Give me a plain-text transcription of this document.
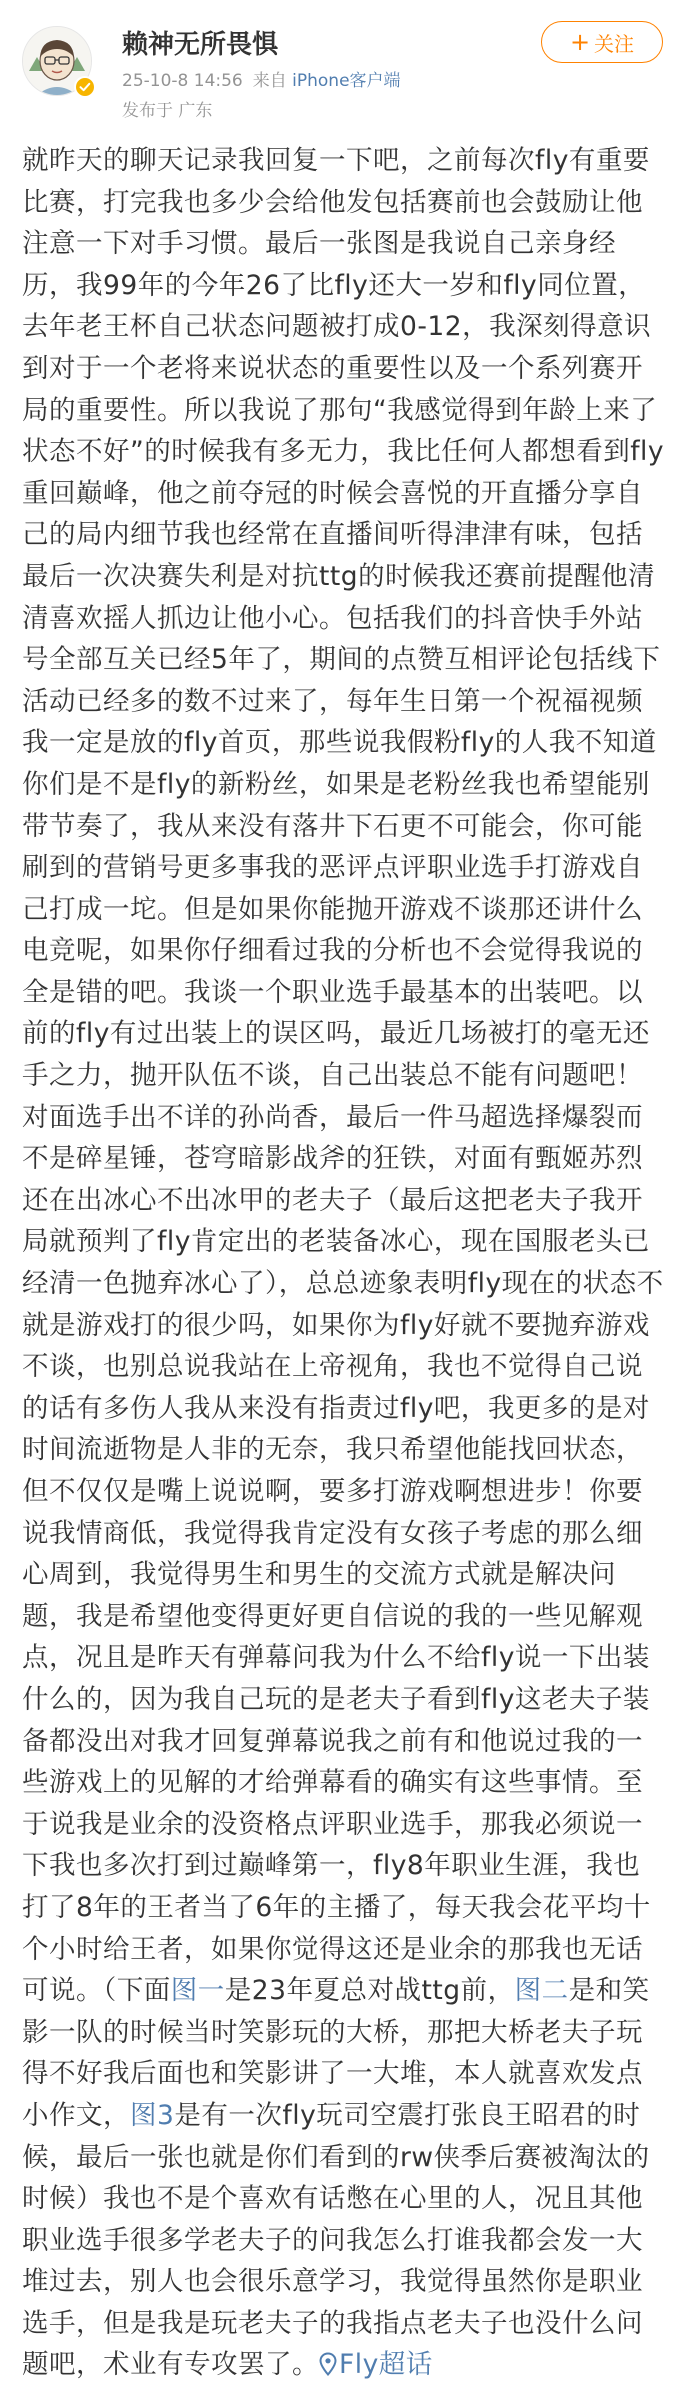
赖神无所畏惧
25-10-8 14:56 来自 iPhone客户端
发布于 广东
+ 关注
就昨天的聊天记录我回复一下吧，之前每次fly有重要比赛，打完我也多少会给他发包括赛前也会鼓励让他注意一下对手习惯。最后一张图是我说自己亲身经历，我99年的今年26了比fly还大一岁和fly同位置，去年老王杯自己状态问题被打成0-12，我深刻得意识到对于一个老将来说状态的重要性以及一个系列赛开局的重要性。所以我说了那句“我感觉得到年龄上来了状态不好”的时候我有多无力，我比任何人都想看到fly重回巅峰，他之前夺冠的时候会喜悦的开直播分享自己的局内细节我也经常在直播间听得津津有味，包括最后一次决赛失利是对抗ttg的时候我还赛前提醒他清清喜欢摇人抓边让他小心。包括我们的抖音快手外站号全部互关已经5年了，期间的点赞互相评论包括线下活动已经多的数不过来了，每年生日第一个祝福视频我一定是放的fly首页，那些说我假粉fly的人我不知道你们是不是fly的新粉丝，如果是老粉丝我也希望能别带节奏了，我从来没有落井下石更不可能会，你可能刷到的营销号更多事我的恶评点评职业选手打游戏自己打成一坨。但是如果你能抛开游戏不谈那还讲什么电竞呢，如果你仔细看过我的分析也不会觉得我说的全是错的吧。我谈一个职业选手最基本的出装吧。以前的fly有过出装上的误区吗，最近几场被打的毫无还手之力，抛开队伍不谈，自己出装总不能有问题吧！对面选手出不详的孙尚香，最后一件马超选择爆裂而不是碎星锤，苍穹暗影战斧的狂铁，对面有甄姬苏烈还在出冰心不出冰甲的老夫子（最后这把老夫子我开局就预判了fly肯定出的老装备冰心，现在国服老头已经清一色抛弃冰心了），总总迹象表明fly现在的状态不就是游戏打的很少吗，如果你为fly好就不要抛弃游戏不谈，也别总说我站在上帝视角，我也不觉得自己说的话有多伤人我从来没有指责过fly吧，我更多的是对时间流逝物是人非的无奈，我只希望他能找回状态，但不仅仅是嘴上说说啊，要多打游戏啊想进步！你要说我情商低，我觉得我肯定没有女孩子考虑的那么细心周到，我觉得男生和男生的交流方式就是解决问题，我是希望他变得更好更自信说的我的一些见解观点，况且是昨天有弹幕问我为什么不给fly说一下出装什么的，因为我自己玩的是老夫子看到fly这老夫子装备都没出对我才回复弹幕说我之前有和他说过我的一些游戏上的见解的才给弹幕看的确实有这些事情。至于说我是业余的没资格点评职业选手，那我必须说一下我也多次打到过巅峰第一，fly8年职业生涯，我也打了8年的王者当了6年的主播了，每天我会花平均十个小时给王者，如果你觉得这还是业余的那我也无话可说。（下面图一是23年夏总对战ttg前，图二是和笑影一队的时候当时笑影玩的大桥，那把大桥老夫子玩得不好我后面也和笑影讲了一大堆，本人就喜欢发点小作文，图3是有一次fly玩司空震打张良王昭君的时候，最后一张也就是你们看到的rw侠季后赛被淘汰的时候）我也不是个喜欢有话憋在心里的人，况且其他职业选手很多学老夫子的问我怎么打谁我都会发一大堆过去，别人也会很乐意学习，我觉得虽然你是职业选手，但是我是玩老夫子的我指点老夫子也没什么问题吧，术业有专攻罢了。 Fly超话
